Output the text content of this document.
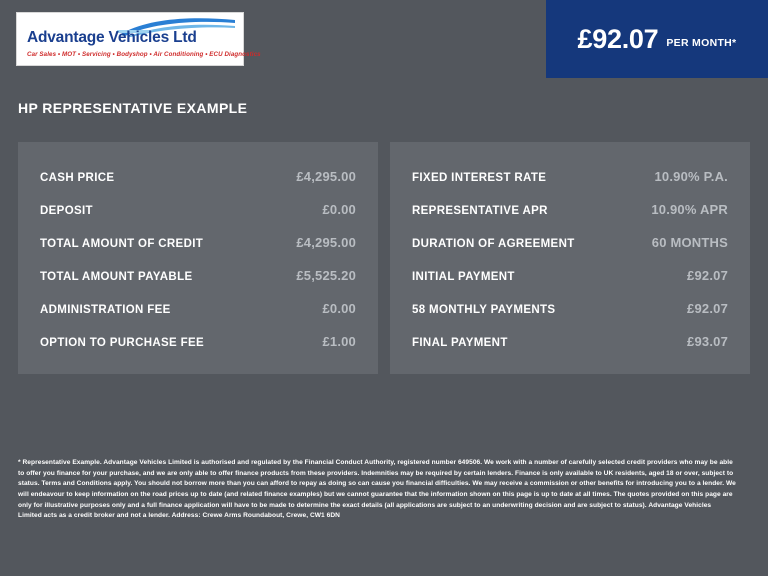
Advantage Vehicles Ltd
Car Sales • MOT • Servicing • Bodyshop • Air Conditioning • ECU Diagnostics
£92.07 PER MONTH*
HP REPRESENTATIVE EXAMPLE
CASH PRICE	£4,295.00
DEPOSIT	£0.00
TOTAL AMOUNT OF CREDIT	£4,295.00
TOTAL AMOUNT PAYABLE	£5,525.20
ADMINISTRATION FEE	£0.00
OPTION TO PURCHASE FEE	£1.00
FIXED INTEREST RATE	10.90% P.A.
REPRESENTATIVE APR	10.90% APR
DURATION OF AGREEMENT	60 MONTHS
INITIAL PAYMENT	£92.07
58 MONTHLY PAYMENTS	£92.07
FINAL PAYMENT	£93.07
* Representative Example. Advantage Vehicles Limited is authorised and regulated by the Financial Conduct Authority, registered number 649506. We work with a number of carefully selected credit providers who may be able to offer you finance for your purchase, and we are only able to offer finance products from these providers. Indemnities may be required by certain lenders. Finance is only available to UK residents, aged 18 or over, subject to status. Terms and Conditions apply. You should not borrow more than you can afford to repay as doing so can cause you financial difficulties. We may receive a commission or other benefits for introducing you to a lender. We will endeavour to keep information on the road prices up to date (and related finance examples) but we cannot guarantee that the information shown on this page is up to date at all times. The quotes provided on this page are only for illustrative purposes only and a full finance application will have to be made to determine the exact details (all applications are subject to an underwriting decision and are subject to status). Advantage Vehicles Limited acts as a credit broker and not a lender. Address: Crewe Arms Roundabout, Crewe, CW1 6DN
